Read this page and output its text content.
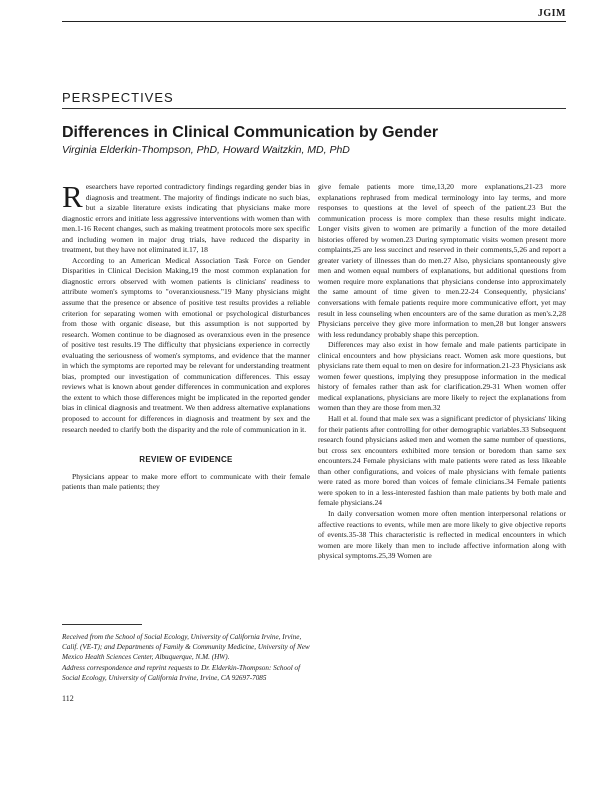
JGIM
PERSPECTIVES
Differences in Clinical Communication by Gender
Virginia Elderkin-Thompson, PhD, Howard Waitzkin, MD, PhD

Researchers have reported contradictory findings regarding gender bias in diagnosis and treatment. The majority of findings indicate no such bias, but a sizable literature exists indicating that physicians make more diagnostic errors and initiate less aggressive interventions with women than with men.1-16 Recent changes, such as making treatment protocols more sex specific and including women in major drug trials, have reduced the disparity in treatment, but they have not eliminated it.17, 18

According to an American Medical Association Task Force on Gender Disparities in Clinical Decision Making,19 the most common explanation for diagnostic errors observed with women patients is clinicians' readiness to attribute women's symptoms to "overanxiousness."19 Many physicians might assume that the presence or absence of positive test results provides a reliable criterion for separating women with emotional or psychological disturbances from those with organic disease, but this assumption is not supported by research. Women continue to be diagnosed as overanxious even in the presence of positive test results.19 The difficulty that physicians experience in correctly evaluating the seriousness of women's symptoms, and evidence that the manner in which the symptoms are reported may be relevant for understanding treatment bias, prompted our investigation of communication differences. This essay reviews what is known about gender differences in communication and explores the extent to which those differences might be implicated in the reported gender bias in clinical diagnosis and treatment. We then address alternative explanations proposed to account for differences in diagnosis and treatment by sex and the research needed to clarify both the disparity and the role of communication in it.

REVIEW OF EVIDENCE

Physicians appear to make more effort to communicate with their female patients than male patients; they

give female patients more time,13,20 more explanations,21-23 more explanations rephrased from medical terminology into lay terms, and more responses to questions at the level of speech of the patient.23 But the communication process is more complex than these results might indicate. Longer visits given to women are primarily a function of the more detailed histories offered by women.23 During symptomatic visits women present more complaints,25 are less succinct and reserved in their comments,5,26 and report a greater variety of illnesses than do men.27 Also, physicians spontaneously give men and women equal numbers of explanations, but additional questions from women require more explanations that physicians condense into approximately the same amount of time given to men.22-24 Consequently, physicians' conversations with female patients require more communicative effort, yet may result in less counseling when encounters are of the same duration as men's.2,28 Physicians perceive they give more information to men,28 but longer answers with less redundancy probably shape this perception.

Differences may also exist in how female and male patients participate in clinical encounters and how physicians react. Women ask more questions, but physicians rate them equal to men on desire for information.21-23 Physicians ask women fewer questions, implying they presuppose information in the medical history of females rather than ask for clarification.29-31 When women offer medical explanations, physicians are more likely to reject the explanations from women than they are those from men.32

Hall et al. found that male sex was a significant predictor of physicians' liking for their patients after controlling for other demographic variables.33 Subsequent research found physicians asked men and women the same number of questions, but cross sex encounters exhibited more tension or boredom than same sex encounters.24 Female physicians with male patients were rated as less likeable than other configurations, and voices of male physicians with female patients were rated as more bored than voices of female clinicians.34 Female patients were spoken to in a less-interested fashion than male patients by both male and female physicians.24

In daily conversation women more often mention interpersonal relations or affective reactions to events, while men are more likely to give objective reports of events.35-38 This characteristic is reflected in medical encounters in which women are more likely than men to include affective information along with physical symptoms.25,39 Women are

Received from the School of Social Ecology, University of California Irvine, Irvine, Calif. (VE-T); and Departments of Family & Community Medicine, University of New Mexico Health Sciences Center, Albuquerque, N.M. (HW).

Address correspondence and reprint requests to Dr. Elderkin-Thompson: School of Social Ecology, University of California Irvine, Irvine, CA 92697-7085

112
